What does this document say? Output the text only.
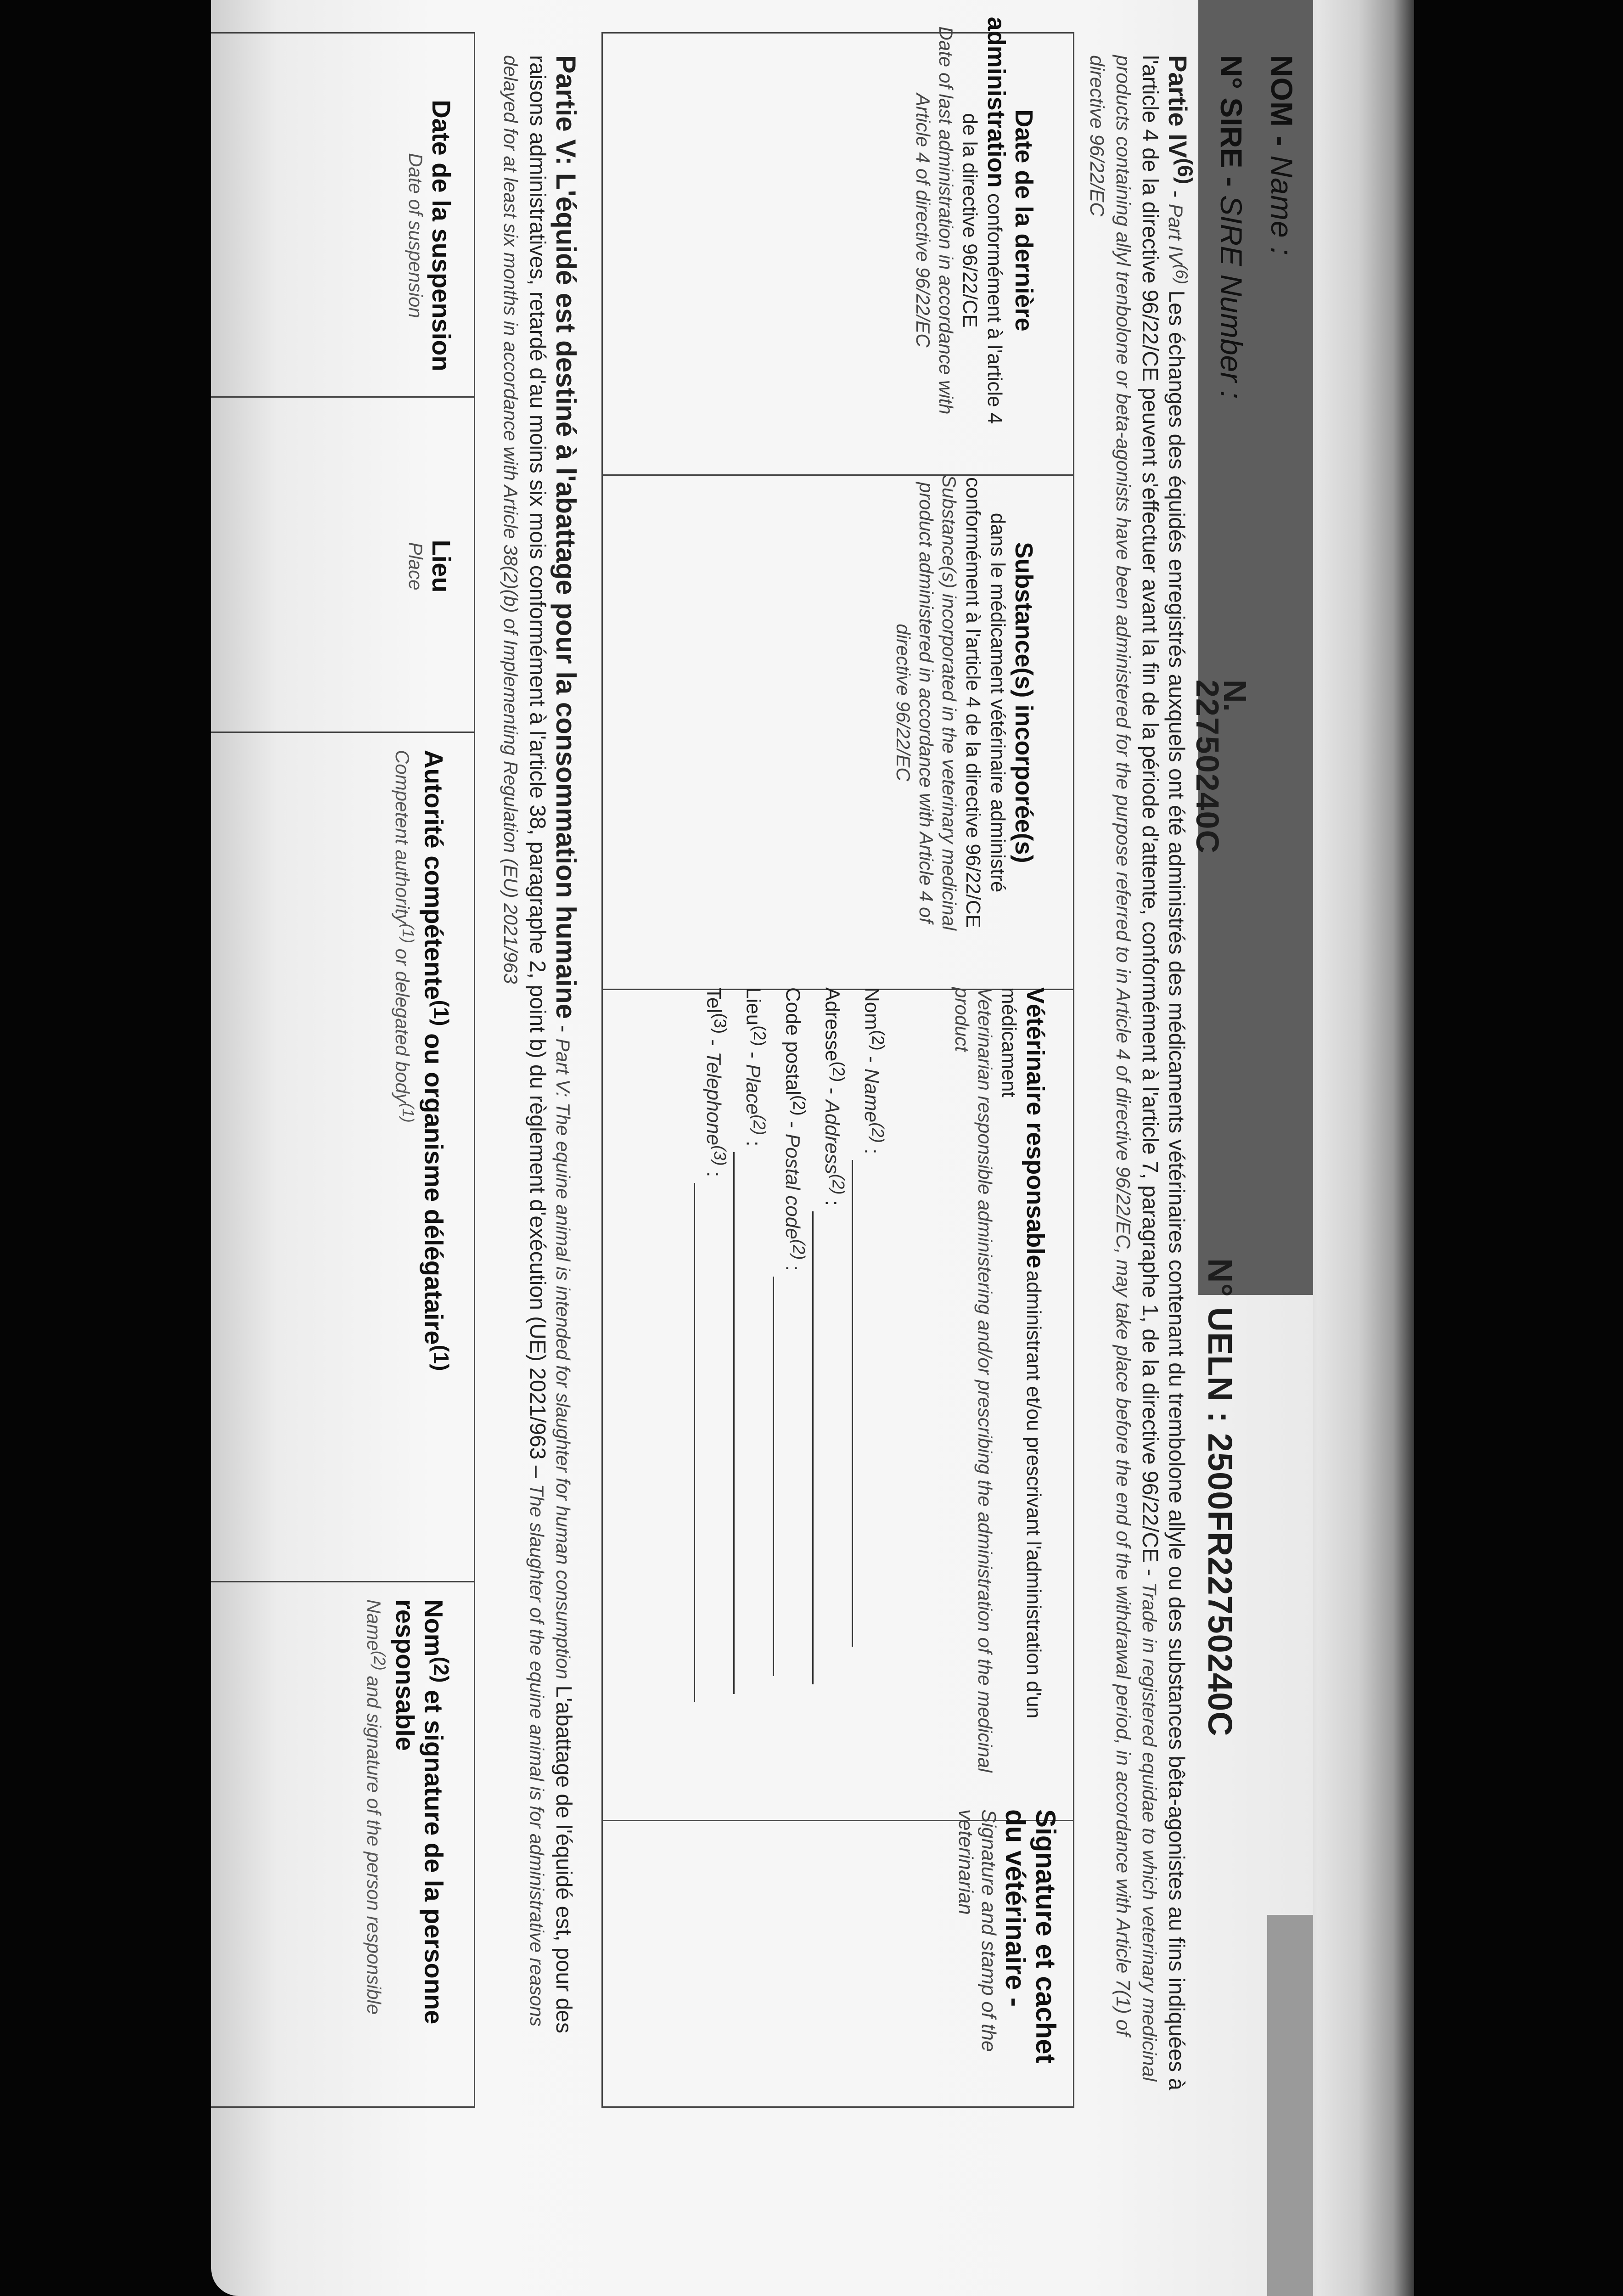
NOM - Name :
N° SIRE - SIRE Number :
N.
22750240C
N° UELN : 2500FR22750240C
Partie IV$^{(6)}$ - Part IV$^{(6)}$ Les échanges des équidés enregistrés auxquels ont été administrés des médicaments vétérinaires contenant du trembolone allyle ou des substances bêta-agonistes au fins indiquées à l'article 4 de la directive 96/22/CE peuvent s'effectuer avant la fin de la période d'attente, conformément à l'article 7, paragraphe 1, de la directive 96/22/CE - Trade in registered equidae to which veterinary medicinal products containing allyl trenbolone or beta-agonists have been administered for the purpose referred to in Article 4 of directive 96/22/EC, may take place before the end of the withdrawal period, in accordance with Article 7(1) of directive 96/22/EC
Date de la dernière
administration conformément à l'article 4 de la directive 96/22/CE
Date of last administration in accordance with Article 4 of directive 96/22/EC
Substance(s) incorporée(s)
dans le médicament vétérinaire administré conformément à l'article 4 de la directive 96/22/CE
Substance(s) incorporated in the veterinary medicinal product administered in accordance with Article 4 of directive 96/22/EC
Vétérinaire responsable administrant et/ou prescrivant l'administration d'un médicament
Veterinarian responsible administering and/or prescribing the administration of the medicinal product
Nom$^{(2)}$ - Name$^{(2)}$ :
Adresse$^{(2)}$ - Address$^{(2)}$ :
Code postal$^{(2)}$ - Postal code$^{(2)}$ :
Lieu$^{(2)}$ - Place$^{(2)}$ :
Tel$^{(3)}$ - Telephone$^{(3)}$ :
Signature et cachet du vétérinaire -
Signature and stamp of the veterinarian
Partie V: L'équidé est destiné à l'abattage pour la consommation humaine - Part V: The equine animal is intended for slaughter for human consumption L'abattage de l'équidé est, pour des raisons administratives, retardé d'au moins six mois conformément à l'article 38, paragraphe 2, point b) du règlement d'exécution (UE) 2021/963 – The slaughter of the equine animal is for administrative reasons delayed for at least six months in accordance with Article 38(2)(b) of Implementing Regulation (EU) 2021/963
Date de la suspension
Date of suspension
Lieu
Place
Autorité compétente$^{(1)}$ ou organisme délégataire$^{(1)}$
Competent authority$^{(1)}$ or delegated body$^{(1)}$
Nom$^{(2)}$ et signature de la personne responsable
Name$^{(2)}$ and signature of the person responsible
